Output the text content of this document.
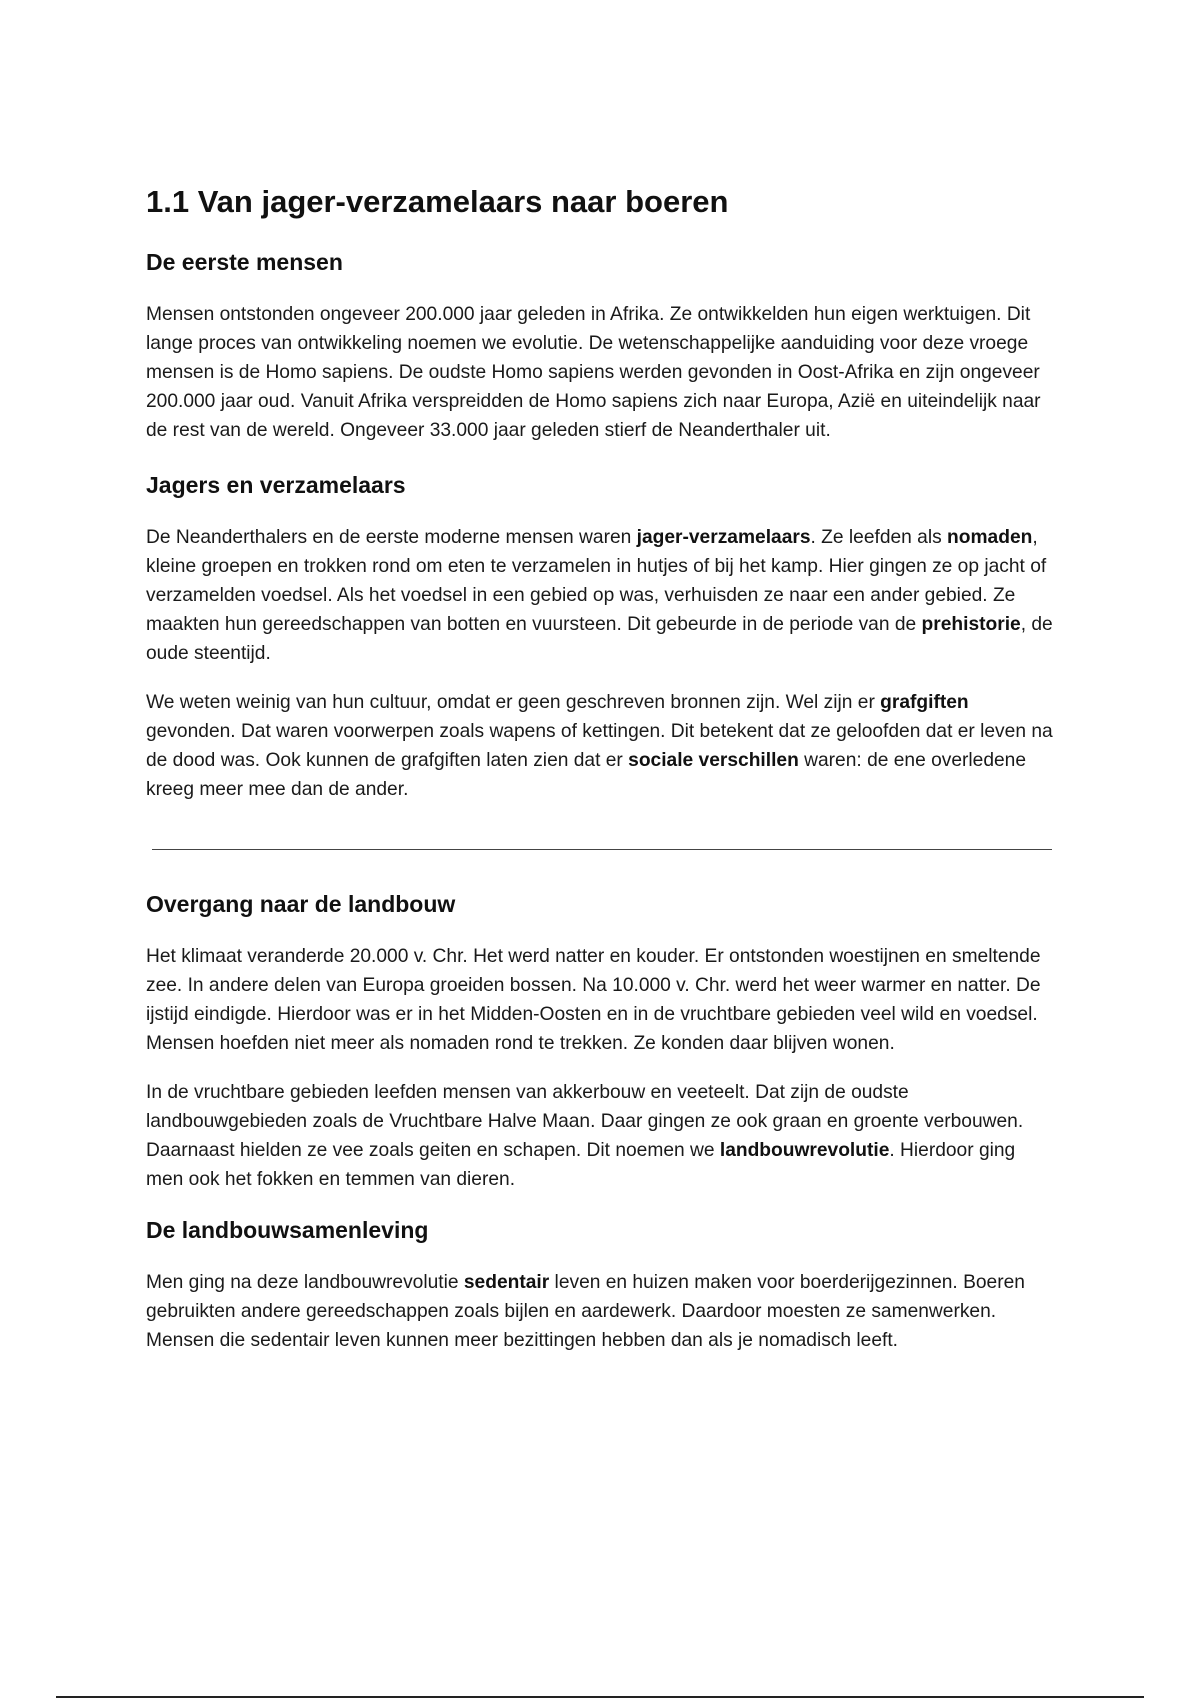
1.1 Van jager-verzamelaars naar boeren
De eerste mensen

Mensen ontstonden ongeveer 200.000 jaar geleden in Afrika. Ze ontwikkelden hun eigen werktuigen. Dit lange proces van ontwikkeling noemen we evolutie. De wetenschappelijke aanduiding voor deze vroege mensen is de Homo sapiens. De oudste Homo sapiens werden gevonden in Oost-Afrika en zijn ongeveer 200.000 jaar oud. Vanuit Afrika verspreidden de Homo sapiens zich naar Europa, Azië en uiteindelijk naar de rest van de wereld. Ongeveer 33.000 jaar geleden stierf de Neanderthaler uit.

Jagers en verzamelaars

De Neanderthalers en de eerste moderne mensen waren jager-verzamelaars. Ze leefden als nomaden, kleine groepen en trokken rond om eten te verzamelen in hutjes of bij het kamp. Hier gingen ze op jacht of verzamelden voedsel. Als het voedsel in een gebied op was, verhuisden ze naar een ander gebied. Ze maakten hun gereedschappen van botten en vuursteen. Dit gebeurde in de periode van de prehistorie, de oude steentijd.

We weten weinig van hun cultuur, omdat er geen geschreven bronnen zijn. Wel zijn er grafgiften gevonden. Dat waren voorwerpen zoals wapens of kettingen. Dit betekent dat ze geloofden dat er leven na de dood was. Ook kunnen de grafgiften laten zien dat er sociale verschillen waren: de ene overledene kreeg meer mee dan de ander.

Overgang naar de landbouw

Het klimaat veranderde 20.000 v. Chr. Het werd natter en kouder. Er ontstonden woestijnen en smeltende zee. In andere delen van Europa groeiden bossen. Na 10.000 v. Chr. werd het weer warmer en natter. De ijstijd eindigde. Hierdoor was er in het Midden-Oosten en in de vruchtbare gebieden veel wild en voedsel. Mensen hoefden niet meer als nomaden rond te trekken. Ze konden daar blijven wonen.

In de vruchtbare gebieden leefden mensen van akkerbouw en veeteelt. Dat zijn de oudste landbouwgebieden zoals de Vruchtbare Halve Maan. Daar gingen ze ook graan en groente verbouwen. Daarnaast hielden ze vee zoals geiten en schapen. Dit noemen we landbouwrevolutie. Hierdoor ging men ook het fokken en temmen van dieren.

De landbouwsamenleving

Men ging na deze landbouwrevolutie sedentair leven en huizen maken voor boerderijgezinnen. Boeren gebruikten andere gereedschappen zoals bijlen en aardewerk. Daardoor moesten ze samenwerken. Mensen die sedentair leven kunnen meer bezittingen hebben dan als je nomadisch leeft.
